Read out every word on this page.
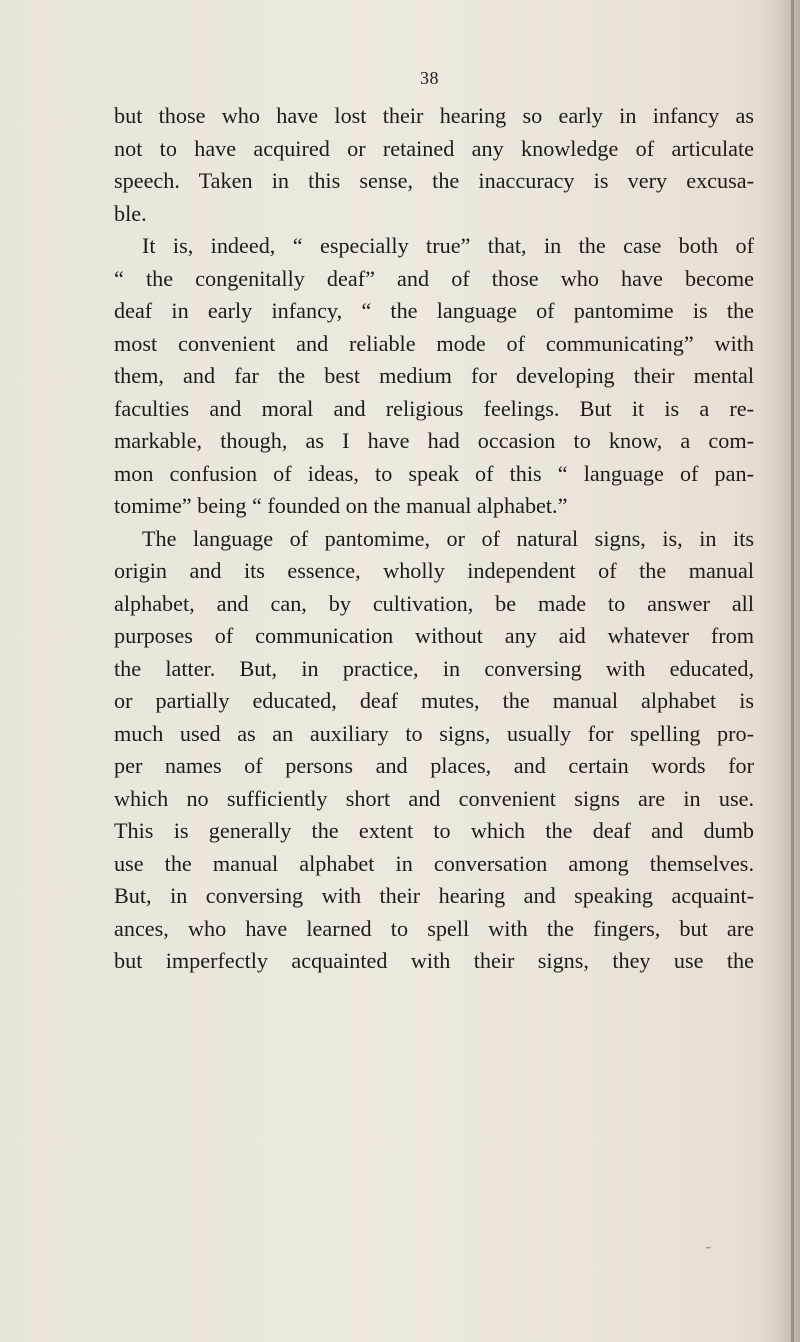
38
but those who have lost their hearing so early in infancy as
not to have acquired or retained any knowledge of articulate
speech. Taken in this sense, the inaccuracy is very excusa-
ble.
It is, indeed, “ especially true” that, in the case both of
“ the congenitally deaf” and of those who have become
deaf in early infancy, “ the language of pantomime is the
most convenient and reliable mode of communicating” with
them, and far the best medium for developing their mental
faculties and moral and religious feelings. But it is a re-
markable, though, as I have had occasion to know, a com-
mon confusion of ideas, to speak of this “ language of pan-
tomime” being “ founded on the manual alphabet.”
The language of pantomime, or of natural signs, is, in its
origin and its essence, wholly independent of the manual
alphabet, and can, by cultivation, be made to answer all
purposes of communication without any aid whatever from
the latter. But, in practice, in conversing with educated,
or partially educated, deaf mutes, the manual alphabet is
much used as an auxiliary to signs, usually for spelling pro-
per names of persons and places, and certain words for
which no sufficiently short and convenient signs are in use.
This is generally the extent to which the deaf and dumb
use the manual alphabet in conversation among themselves.
But, in conversing with their hearing and speaking acquaint-
ances, who have learned to spell with the fingers, but are
but imperfectly acquainted with their signs, they use the
ˉ
